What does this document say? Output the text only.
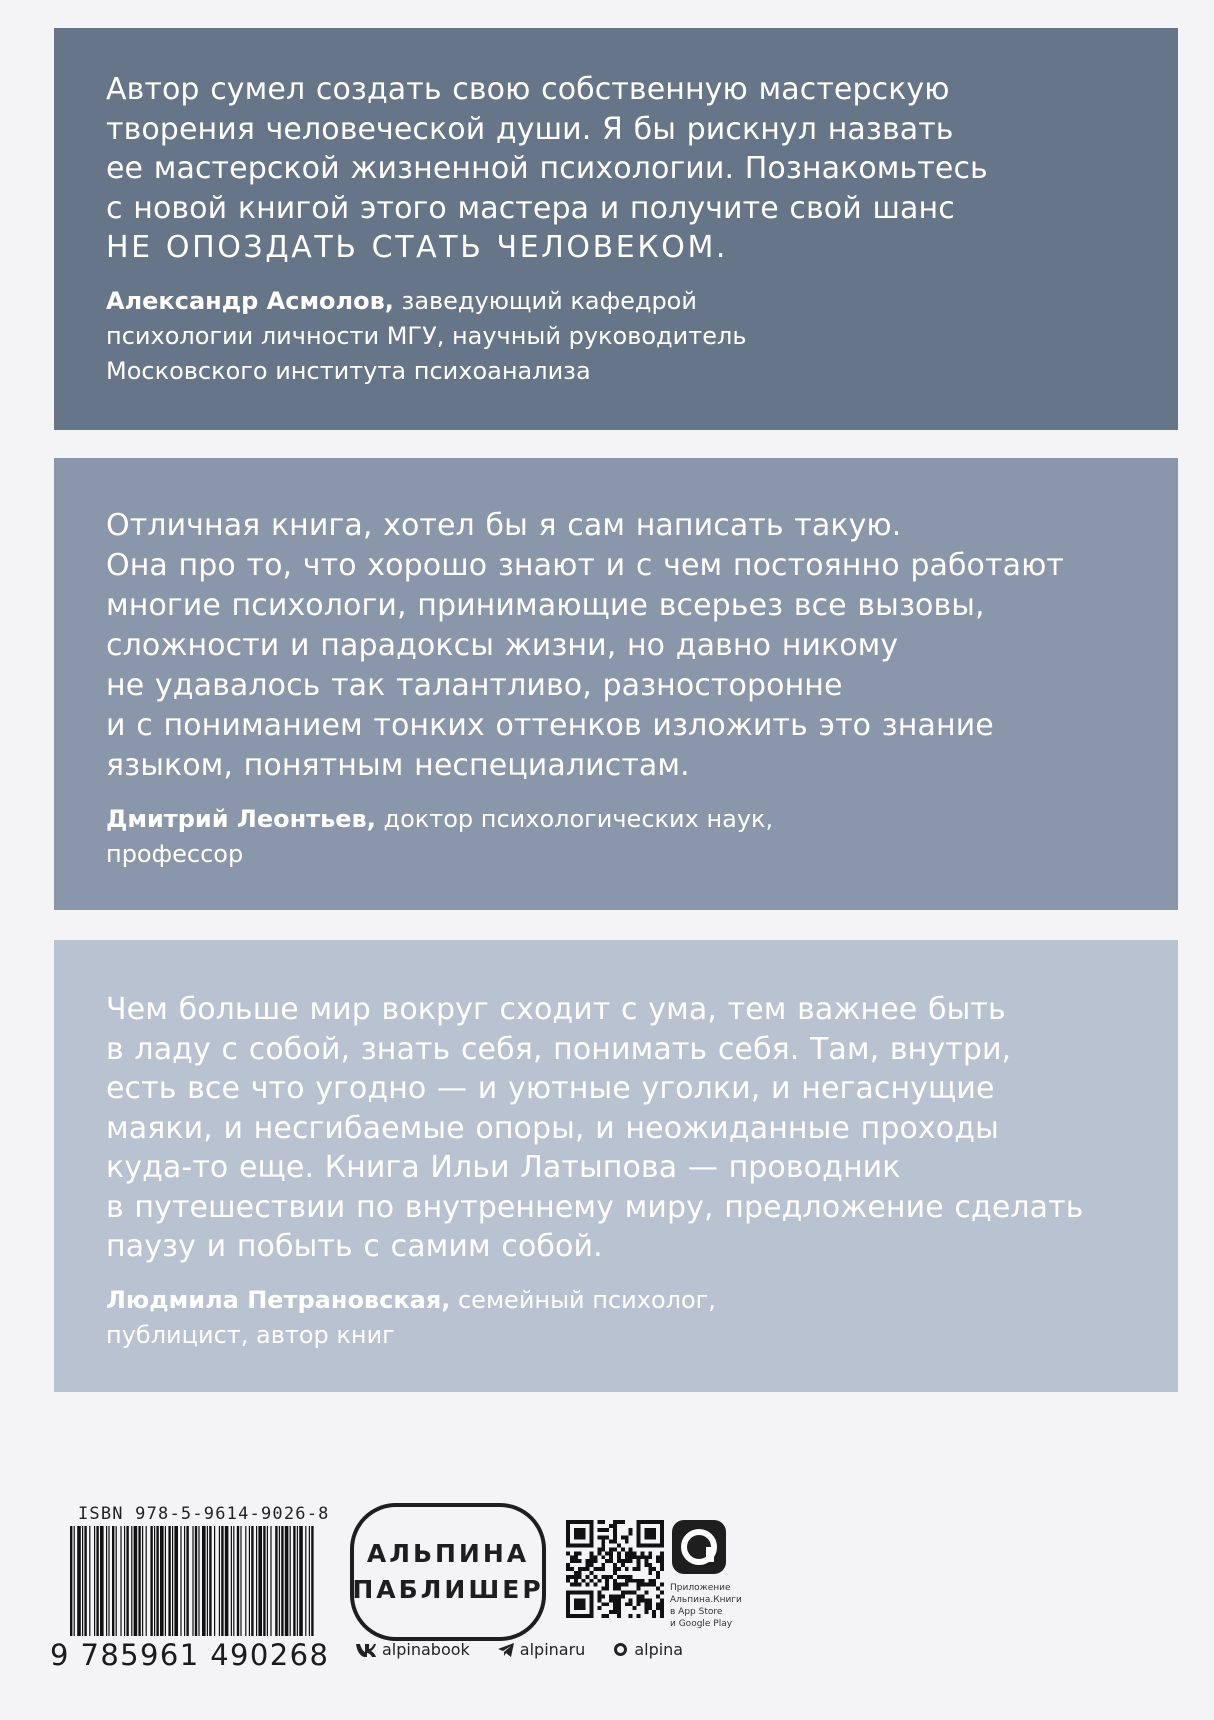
Автор сумел создать свою собственную мастерскую
творения человеческой души. Я бы рискнул назвать
ее мастерской жизненной психологии. Познакомьтесь
с новой книгой этого мастера и получите свой шанс
НЕ ОПОЗДАТЬ СТАТЬ ЧЕЛОВЕКОМ.

Александр Асмолов, заведующий кафедрой
психологии личности МГУ, научный руководитель
Московского института психоанализа

Отличная книга, хотел бы я сам написать такую.
Она про то, что хорошо знают и с чем постоянно работают
многие психологи, принимающие всерьез все вызовы,
сложности и парадоксы жизни, но давно никому
не удавалось так талантливо, разносторонне
и с пониманием тонких оттенков изложить это знание
языком, понятным неспециалистам.

Дмитрий Леонтьев, доктор психологических наук,
профессор

Чем больше мир вокруг сходит с ума, тем важнее быть
в ладу с собой, знать себя, понимать себя. Там, внутри,
есть все что угодно — и уютные уголки, и негаснущие
маяки, и несгибаемые опоры, и неожиданные проходы
куда-то еще. Книга Ильи Латыпова — проводник
в путешествии по внутреннему миру, предложение сделать
паузу и побыть с самим собой.

Людмила Петрановская, семейный психолог,
публицист, автор книг

ISBN 978-5-9614-9026-8
9 785961 490268
АЛЬПИНА
ПАБЛИШЕР	Приложение
Альпина.Книги
в App Store
и Google Play
alpinabook	alpinaru	alpina
